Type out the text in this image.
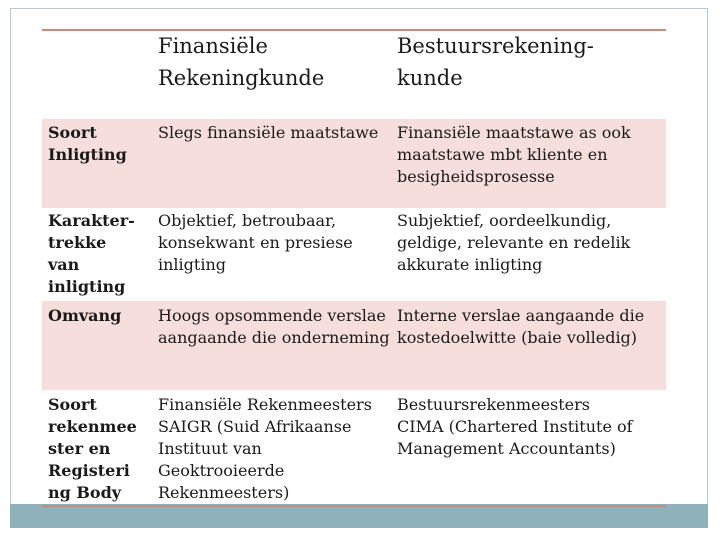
Finansiële
Rekeningkunde
Bestuursrekening-
kunde
Soort
Inligting
Slegs finansiële maatstawe Finansiële maatstawe as ook
maatstawe mbt kliente en
besigheidsprosesse
Karakter-
trekke
van
inligting
Objektief, betroubaar,
konsekwant en presiese
inligting
Subjektief, oordeelkundig,
geldige, relevante en redelik
akkurate inligting
Omvang Hoogs opsommende verslae
aangaande die onderneming
Interne verslae aangaande die
kostedoelwitte (baie volledig)
Soort
rekenmee
ster en
Registeri
ng Body
Finansiële Rekenmeesters
SAIGR (Suid Afrikaanse
Instituut van
Geoktrooieerde
Rekenmeesters)
Bestuursrekenmeesters
CIMA (Chartered Institute of
Management Accountants)
